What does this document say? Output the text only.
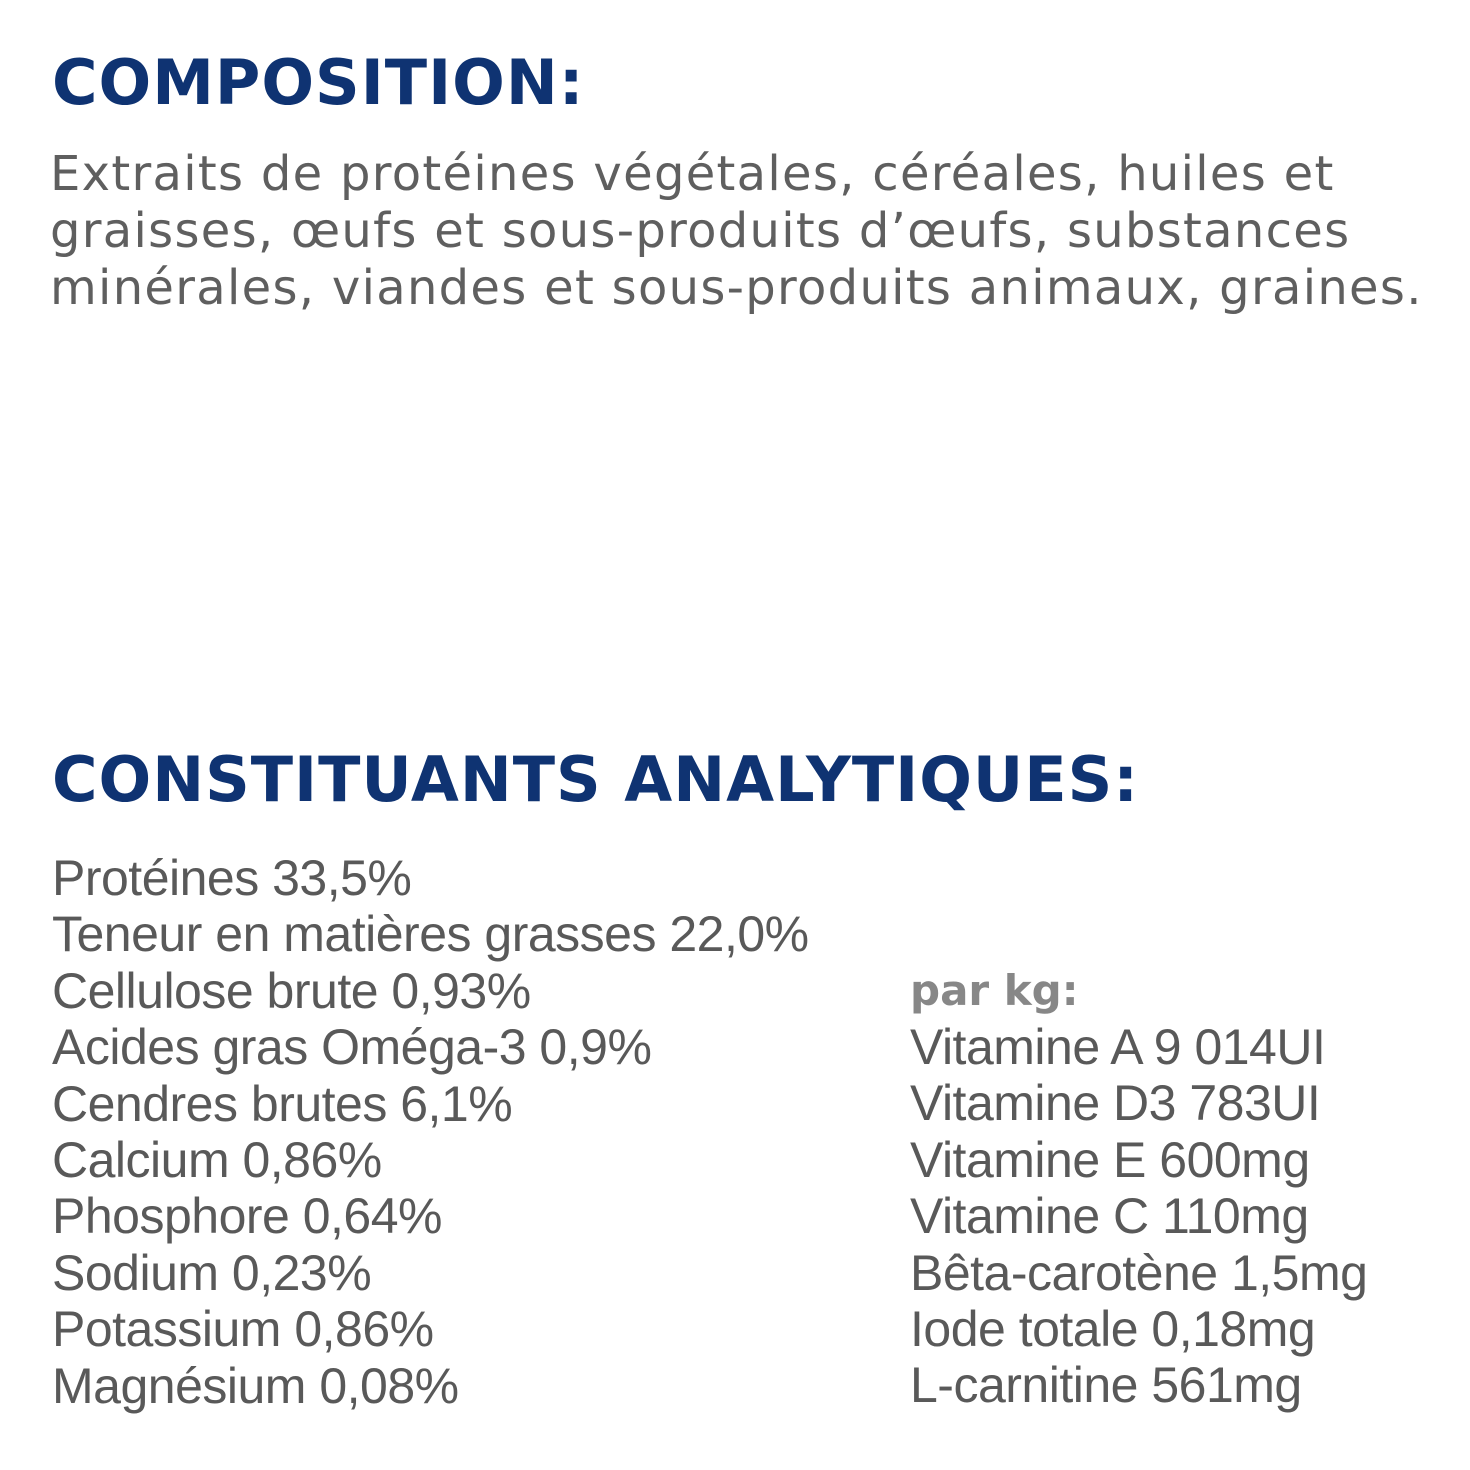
COMPOSITION:

Extraits de protéines végétales, céréales, huiles et graisses, œufs et sous-produits d’œufs, substances minérales, viandes et sous-produits animaux, graines.

CONSTITUANTS ANALYTIQUES:
Protéines 33,5%
Teneur en matières grasses 22,0%
Cellulose brute 0,93%
Acides gras Oméga-3 0,9%
Cendres brutes 6,1%
Calcium 0,86%
Phosphore 0,64%
Sodium 0,23%
Potassium 0,86%
Magnésium 0,08%
par kg:
Vitamine A 9 014UI
Vitamine D3 783UI
Vitamine E 600mg
Vitamine C 110mg
Bêta-carotène 1,5mg
Iode totale 0,18mg
L-carnitine 561mg
